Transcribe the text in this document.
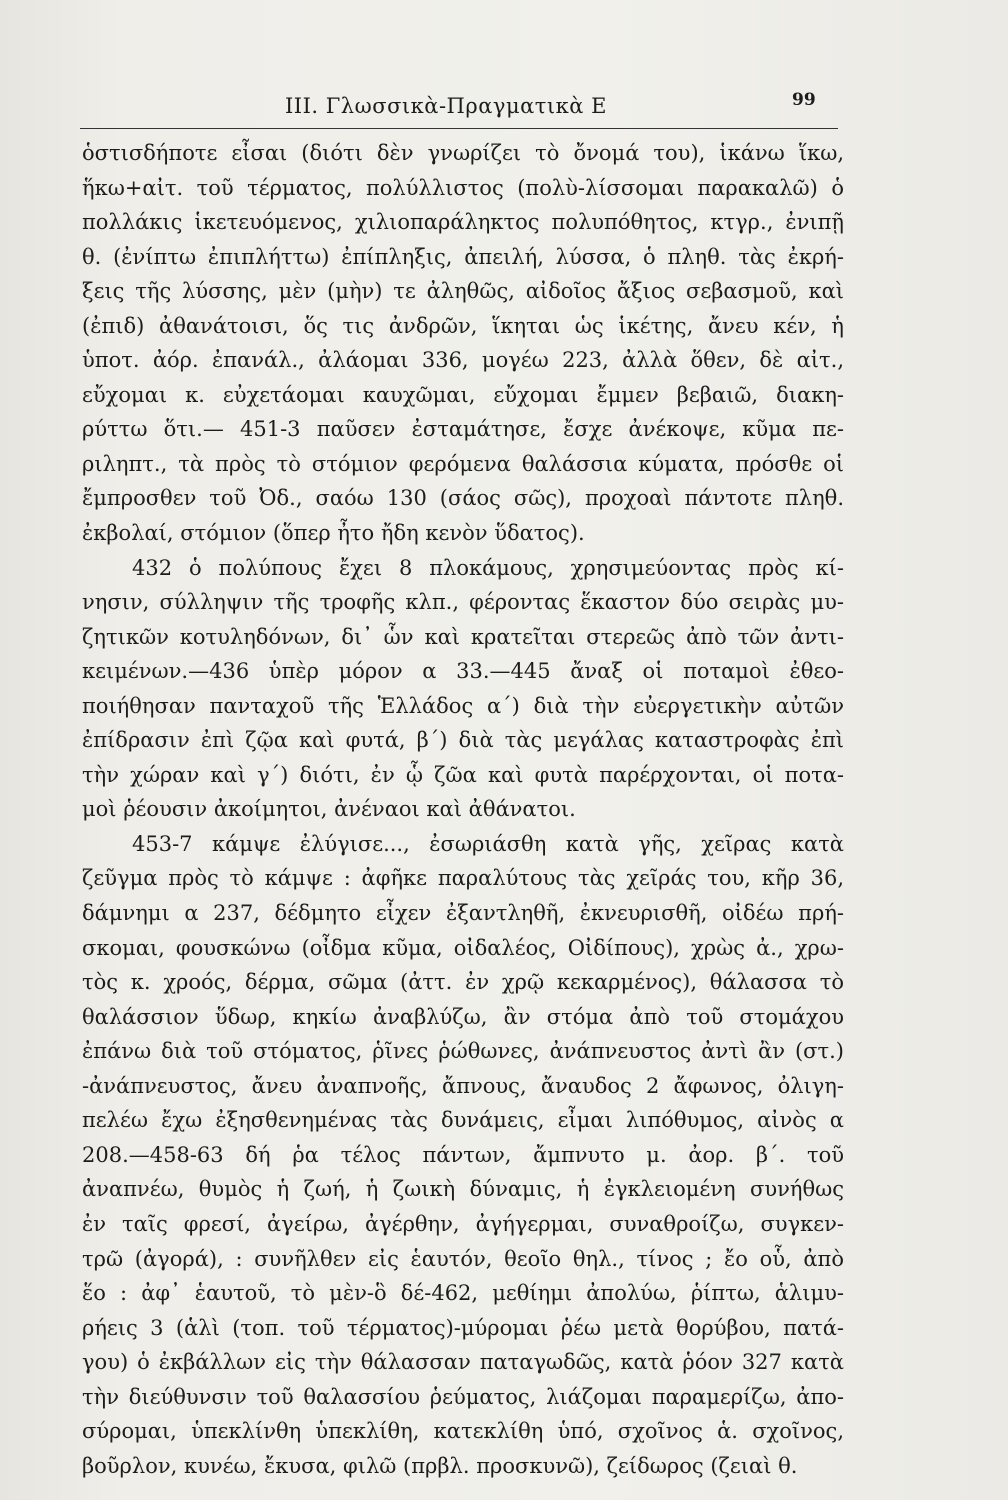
III. Γλωσσικὰ-Πραγματικὰ Ε	99
ὁστισδήποτε εἶσαι (διότι δὲν γνωρίζει τὸ ὄνομά του), ἱκάνω ἵκω,
ἥκω+αἰτ. τοῦ τέρματος, πολύλλιστος (πολὺ-λίσσομαι παρακαλῶ) ὁ
πολλάκις ἱκετευόμενος, χιλιοπαράληκτος πολυπόθητος, κτγρ., ἐνιπῇ
θ. (ἐνίπτω ἐπιπλήττω) ἐπίπληξις, ἀπειλή, λύσσα, ὁ πληθ. τὰς ἐκρή-
ξεις τῆς λύσσης, μὲν (μὴν) τε ἀληθῶς, αἰδοῖος ἄξιος σεβασμοῦ, καὶ
(ἐπιδ) ἀθανάτοισι, ὅς τις ἀνδρῶν, ἵκηται ὡς ἱκέτης, ἄνευ κέν, ἡ
ὑποτ. ἀόρ. ἐπανάλ., ἀλάομαι 336, μογέω 223, ἀλλὰ ὅθεν, δὲ αἰτ.,
εὔχομαι κ. εὐχετάομαι καυχῶμαι, εὔχομαι ἔμμεν βεβαιῶ, διακη-
ρύττω ὅτι.— 451-3 παῦσεν ἐσταμάτησε, ἔσχε ἀνέκοψε, κῦμα πε-
ριληπτ., τὰ πρὸς τὸ στόμιον φερόμενα θαλάσσια κύματα, πρόσθε οἱ
ἔμπροσθεν τοῦ Ὀδ., σαόω 130 (σάος σῶς), προχοαὶ πάντοτε πληθ.
ἐκβολαί, στόμιον (ὅπερ ἦτο ἤδη κενὸν ὕδατος).
432 ὁ πολύπους ἔχει 8 πλοκάμους, χρησιμεύοντας πρὸς κί-
νησιν, σύλληψιν τῆς τροφῆς κλπ., φέροντας ἕκαστον δύο σειρὰς μυ-
ζητικῶν κοτυληδόνων, δι᾽ ὧν καὶ κρατεῖται στερεῶς ἀπὸ τῶν ἀντι-
κειμένων.—436 ὑπὲρ μόρον α 33.—445 ἄναξ οἱ ποταμοὶ ἐθεο-
ποιήθησαν πανταχοῦ τῆς Ἑλλάδος α΄) διὰ τὴν εὐεργετικὴν αὐτῶν
ἐπίδρασιν ἐπὶ ζῷα καὶ φυτά, β΄) διὰ τὰς μεγάλας καταστροφὰς ἐπὶ
τὴν χώραν καὶ γ΄) διότι, ἐν ᾧ ζῶα καὶ φυτὰ παρέρχονται, οἱ ποτα-
μοὶ ῥέουσιν ἀκοίμητοι, ἀνέναοι καὶ ἀθάνατοι.
453-7 κάμψε ἐλύγισε..., ἐσωριάσθη κατὰ γῆς, χεῖρας κατὰ
ζεῦγμα πρὸς τὸ κάμψε : ἀφῆκε παραλύτους τὰς χεῖράς του, κῆρ 36,
δάμνημι α 237, δέδμητο εἶχεν ἐξαντληθῆ, ἐκνευρισθῆ, οἰδέω πρή-
σκομαι, φουσκώνω (οἶδμα κῦμα, οἰδαλέος, Οἰδίπους), χρὼς ἀ., χρω-
τὸς κ. χροός, δέρμα, σῶμα (ἀττ. ἐν χρῷ κεκαρμένος), θάλασσα τὸ
θαλάσσιον ὕδωρ, κηκίω ἀναβλύζω, ἂν στόμα ἀπὸ τοῦ στομάχου
ἐπάνω διὰ τοῦ στόματος, ῥῖνες ῥώθωνες, ἀνάπνευστος ἀντὶ ἂν (στ.)
-ἀνάπνευστος, ἄνευ ἀναπνοῆς, ἄπνους, ἄναυδος 2 ἄφωνος, ὀλιγη-
πελέω ἔχω ἐξησθενημένας τὰς δυνάμεις, εἶμαι λιπόθυμος, αἰνὸς α
208.—458-63 δή ῥα τέλος πάντων, ἄμπνυτο μ. ἀορ. β΄. τοῦ
ἀναπνέω, θυμὸς ἡ ζωή, ἡ ζωικὴ δύναμις, ἡ ἐγκλειομένη συνήθως
ἐν ταῖς φρεσί, ἀγείρω, ἀγέρθην, ἀγήγερμαι, συναθροίζω, συγκεν-
τρῶ (ἀγορά), : συνῆλθεν εἰς ἑαυτόν, θεοῖο θηλ., τίνος ; ἔο οὗ, ἀπὸ
ἕο : ἀφ᾽ ἑαυτοῦ, τὸ μὲν-ὃ δέ-462, μεθίημι ἀπολύω, ῥίπτω, ἁλιμυ-
ρήεις 3 (ἁλὶ (τοπ. τοῦ τέρματος)-μύρομαι ῥέω μετὰ θορύβου, πατά-
γου) ὁ ἐκβάλλων εἰς τὴν θάλασσαν παταγωδῶς, κατὰ ῥόον 327 κατὰ
τὴν διεύθυνσιν τοῦ θαλασσίου ῥεύματος, λιάζομαι παραμερίζω, ἀπο-
σύρομαι, ὑπεκλίνθη ὑπεκλίθη, κατεκλίθη ὑπό, σχοῖνος ἁ. σχοῖνος,
βοῦρλον, κυνέω, ἔκυσα, φιλῶ (πρβλ. προσκυνῶ), ζείδωρος (ζειαὶ θ.
